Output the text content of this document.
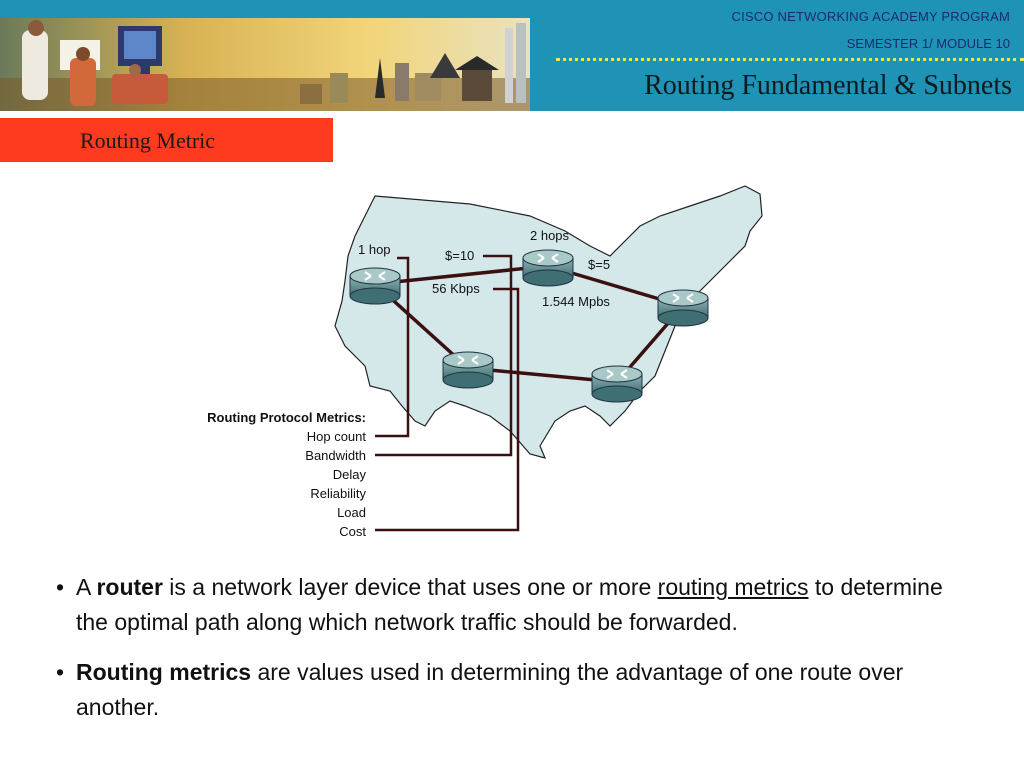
CISCO NETWORKING ACADEMY PROGRAM
SEMESTER 1/ MODULE 10
Routing Fundamental & Subnets
Routing Metric
1 hop	$=10
56 Kbps
2 hops
$=5
1.544 Mpbs
Routing Protocol Metrics:
Hop count
Bandwidth
Delay
Reliability
Load
Cost
• A router is a network layer device that uses one or more routing metrics to determine the optimal path along which network traffic should be forwarded.
• Routing metrics are values used in determining the advantage of one route over another.
